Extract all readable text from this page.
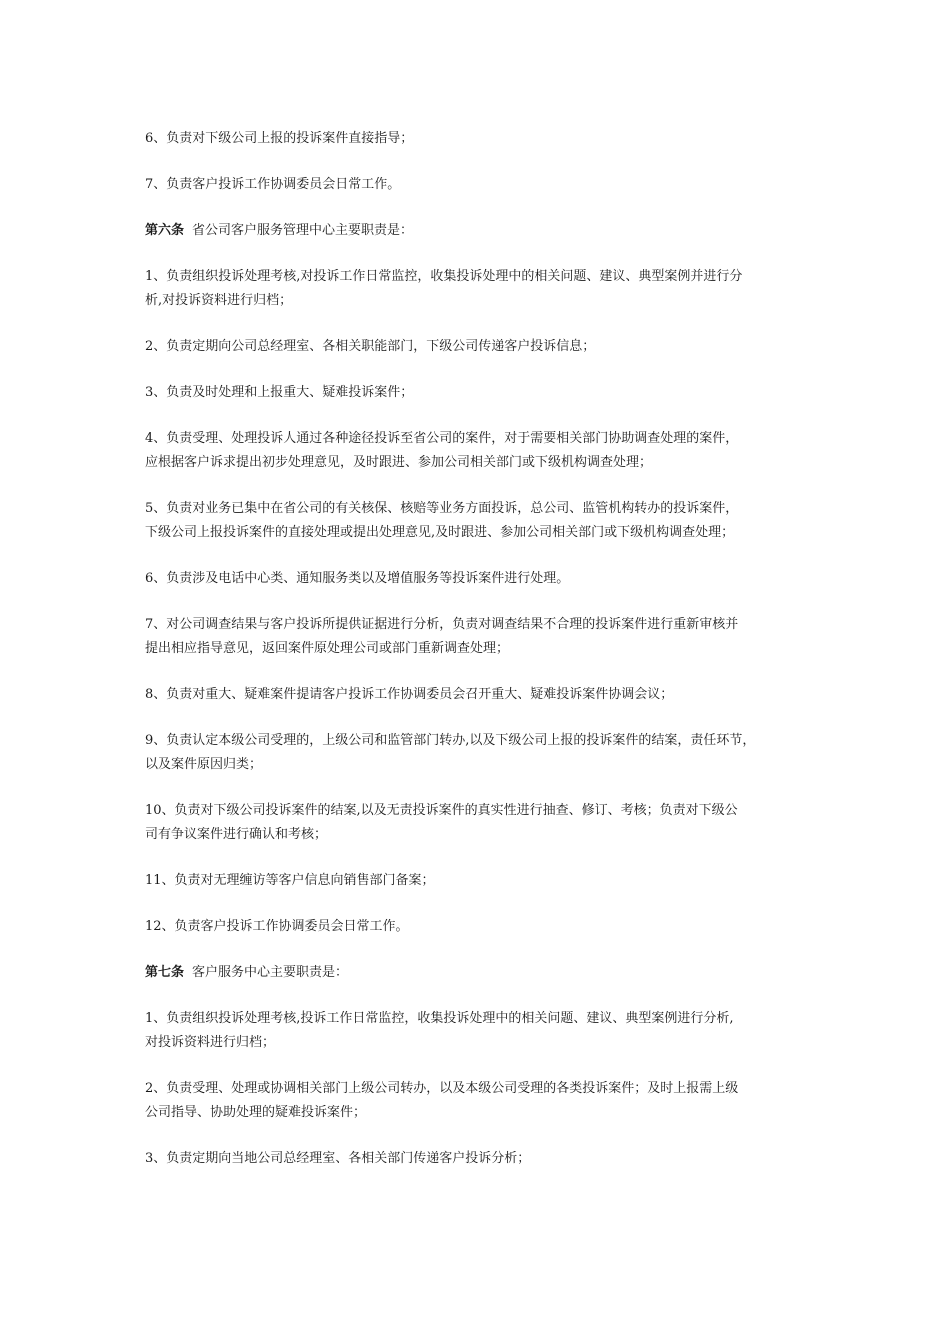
6、负责对下级公司上报的投诉案件直接指导；

7、负责客户投诉工作协调委员会日常工作。

第六条 省公司客户服务管理中心主要职责是：

1、负责组织投诉处理考核,对投诉工作日常监控，收集投诉处理中的相关问题、建议、典型案例并进行分
析,对投诉资料进行归档；

2、负责定期向公司总经理室、各相关职能部门，下级公司传递客户投诉信息；

3、负责及时处理和上报重大、疑难投诉案件；

4、负责受理、处理投诉人通过各种途径投诉至省公司的案件，对于需要相关部门协助调查处理的案件，
应根据客户诉求提出初步处理意见，及时跟进、参加公司相关部门或下级机构调查处理；

5、负责对业务已集中在省公司的有关核保、核赔等业务方面投诉，总公司、监管机构转办的投诉案件，
下级公司上报投诉案件的直接处理或提出处理意见,及时跟进、参加公司相关部门或下级机构调查处理；

6、负责涉及电话中心类、通知服务类以及增值服务等投诉案件进行处理。

7、对公司调查结果与客户投诉所提供证据进行分析，负责对调查结果不合理的投诉案件进行重新审核并
提出相应指导意见，返回案件原处理公司或部门重新调查处理；

8、负责对重大、疑难案件提请客户投诉工作协调委员会召开重大、疑难投诉案件协调会议；

9、负责认定本级公司受理的，上级公司和监管部门转办,以及下级公司上报的投诉案件的结案，责任环节，
以及案件原因归类；

10、负责对下级公司投诉案件的结案,以及无责投诉案件的真实性进行抽查、修订、考核；负责对下级公
司有争议案件进行确认和考核；

11、负责对无理缠访等客户信息向销售部门备案；

12、负责客户投诉工作协调委员会日常工作。

第七条 客户服务中心主要职责是：

1、负责组织投诉处理考核,投诉工作日常监控，收集投诉处理中的相关问题、建议、典型案例进行分析,
对投诉资料进行归档；

2、负责受理、处理或协调相关部门上级公司转办，以及本级公司受理的各类投诉案件；及时上报需上级
公司指导、协助处理的疑难投诉案件；

3、负责定期向当地公司总经理室、各相关部门传递客户投诉分析；
